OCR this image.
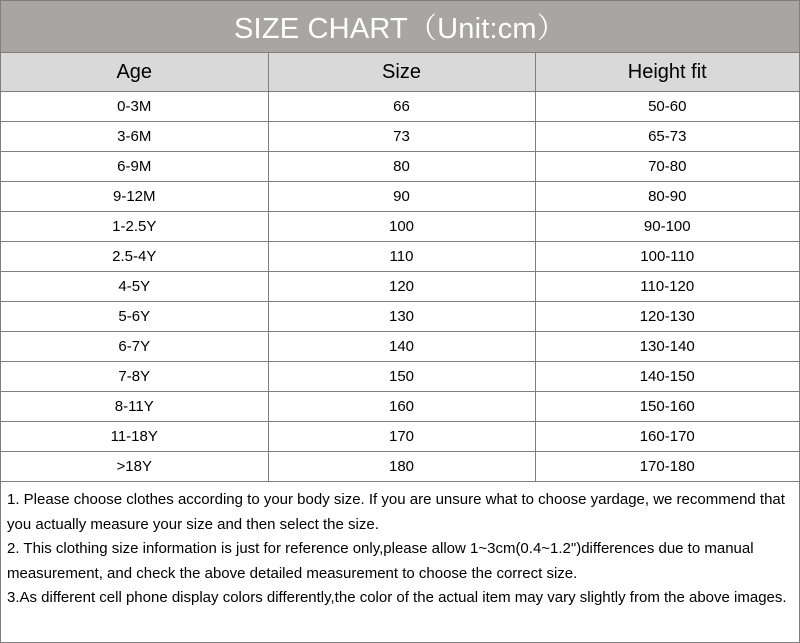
SIZE CHART（Unit:cm）
Age	Size	Height fit
0-3M	66	50-60
3-6M	73	65-73
6-9M	80	70-80
9-12M	90	80-90
1-2.5Y	100	90-100
2.5-4Y	110	100-110
4-5Y	120	110-120
5-6Y	130	120-130
6-7Y	140	130-140
7-8Y	150	140-150
8-11Y	160	150-160
11-18Y	170	160-170
>18Y	180	170-180

1. Please choose clothes according to your body size. If you are unsure what to choose yardage, we recommend that you actually measure your size and then select the size.

2. This clothing size information is just for reference only,please allow 1~3cm(0.4~1.2")differences due to manual measurement, and check the above detailed measurement to choose the correct size.

3.As different cell phone display colors differently,the color of the actual item may vary slightly from the above images.
